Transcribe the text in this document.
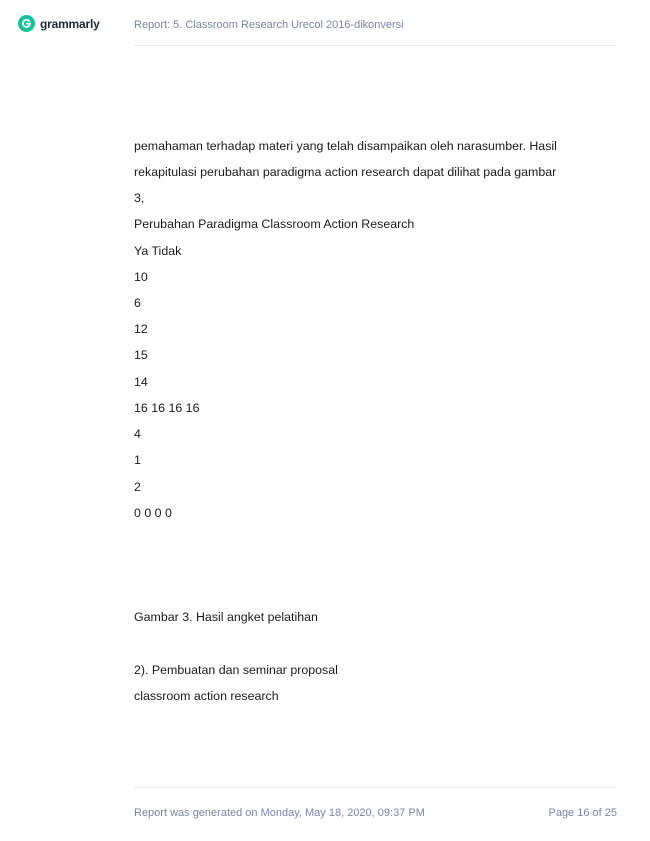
grammarly	Report: 5. Classroom Research Urecol 2016-dikonversi
pemahaman terhadap materi yang telah disampaikan oleh narasumber. Hasil
rekapitulasi perubahan paradigma action research dapat dilihat pada gambar
3,
Perubahan Paradigma Classroom Action Research
Ya Tidak
10
6
12
15
14
16 16 16 16
4
1
2
0 0 0 0
Gambar 3. Hasil angket pelatihan
2). Pembuatan dan seminar proposal
classroom action research
Report was generated on Monday, May 18, 2020, 09:37 PM	Page 16 of 25
